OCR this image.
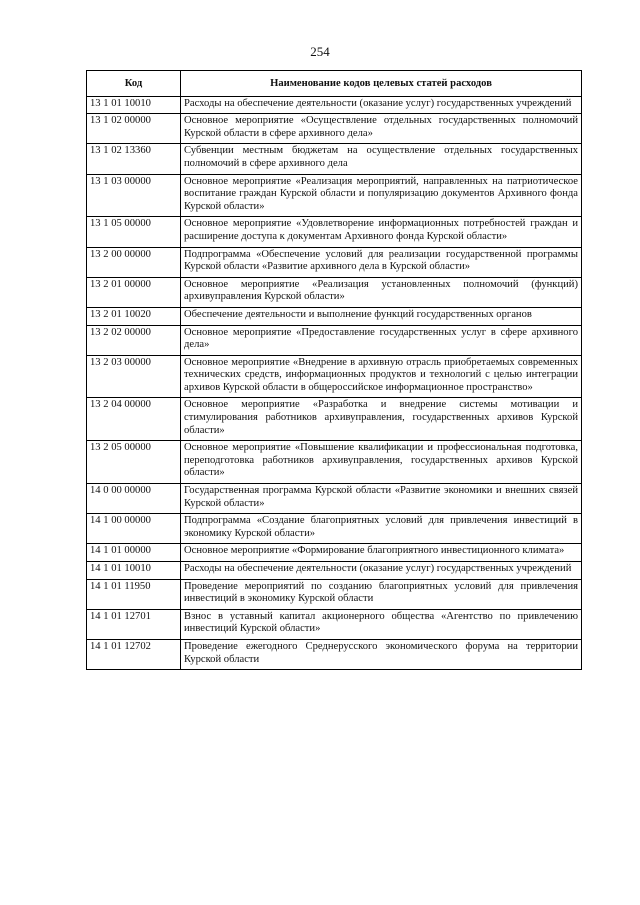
254
Код	Наименование кодов целевых статей расходов
13 1 01 10010	Расходы на обеспечение деятельности (оказание услуг) государственных учреждений
13 1 02 00000	Основное мероприятие «Осуществление отдельных государственных полномочий Курской области в сфере архивного дела»
13 1 02 13360	Субвенции местным бюджетам на осуществление отдельных государственных полномочий в сфере архивного дела
13 1 03 00000	Основное мероприятие «Реализация мероприятий, направленных на патриотическое воспитание граждан Курской области и популяризацию документов Архивного фонда Курской области»
13 1 05 00000	Основное мероприятие «Удовлетворение информационных потребностей граждан и расширение доступа к документам Архивного фонда Курской области»
13 2 00 00000	Подпрограмма «Обеспечение условий для реализации государственной программы Курской области «Развитие архивного дела в Курской области»
13 2 01 00000	Основное мероприятие «Реализация установленных полномочий (функций) архивуправления Курской области»
13 2 01 10020	Обеспечение деятельности и выполнение функций государственных органов
13 2 02 00000	Основное мероприятие «Предоставление государственных услуг в сфере архивного дела»
13 2 03 00000	Основное мероприятие «Внедрение в архивную отрасль приобретаемых современных технических средств, информационных продуктов и технологий с целью интеграции архивов Курской области в общероссийское информационное пространство»
13 2 04 00000	Основное мероприятие «Разработка и внедрение системы мотивации и стимулирования работников архивуправления, государственных архивов Курской области»
13 2 05 00000	Основное мероприятие «Повышение квалификации и профессиональная подготовка, переподготовка работников архивуправления, государственных архивов Курской области»
14 0 00 00000	Государственная программа Курской области «Развитие экономики и внешних связей Курской области»
14 1 00 00000	Подпрограмма «Создание благоприятных условий для привлечения инвестиций в экономику Курской области»
14 1 01 00000	Основное мероприятие «Формирование благоприятного инвестиционного климата»
14 1 01 10010	Расходы на обеспечение деятельности (оказание услуг) государственных учреждений
14 1 01 11950	Проведение мероприятий по созданию благоприятных условий для привлечения инвестиций в экономику Курской области
14 1 01 12701	Взнос в уставный капитал акционерного общества «Агентство по привлечению инвестиций Курской области»
14 1 01 12702	Проведение ежегодного Среднерусского экономического форума на территории Курской области
